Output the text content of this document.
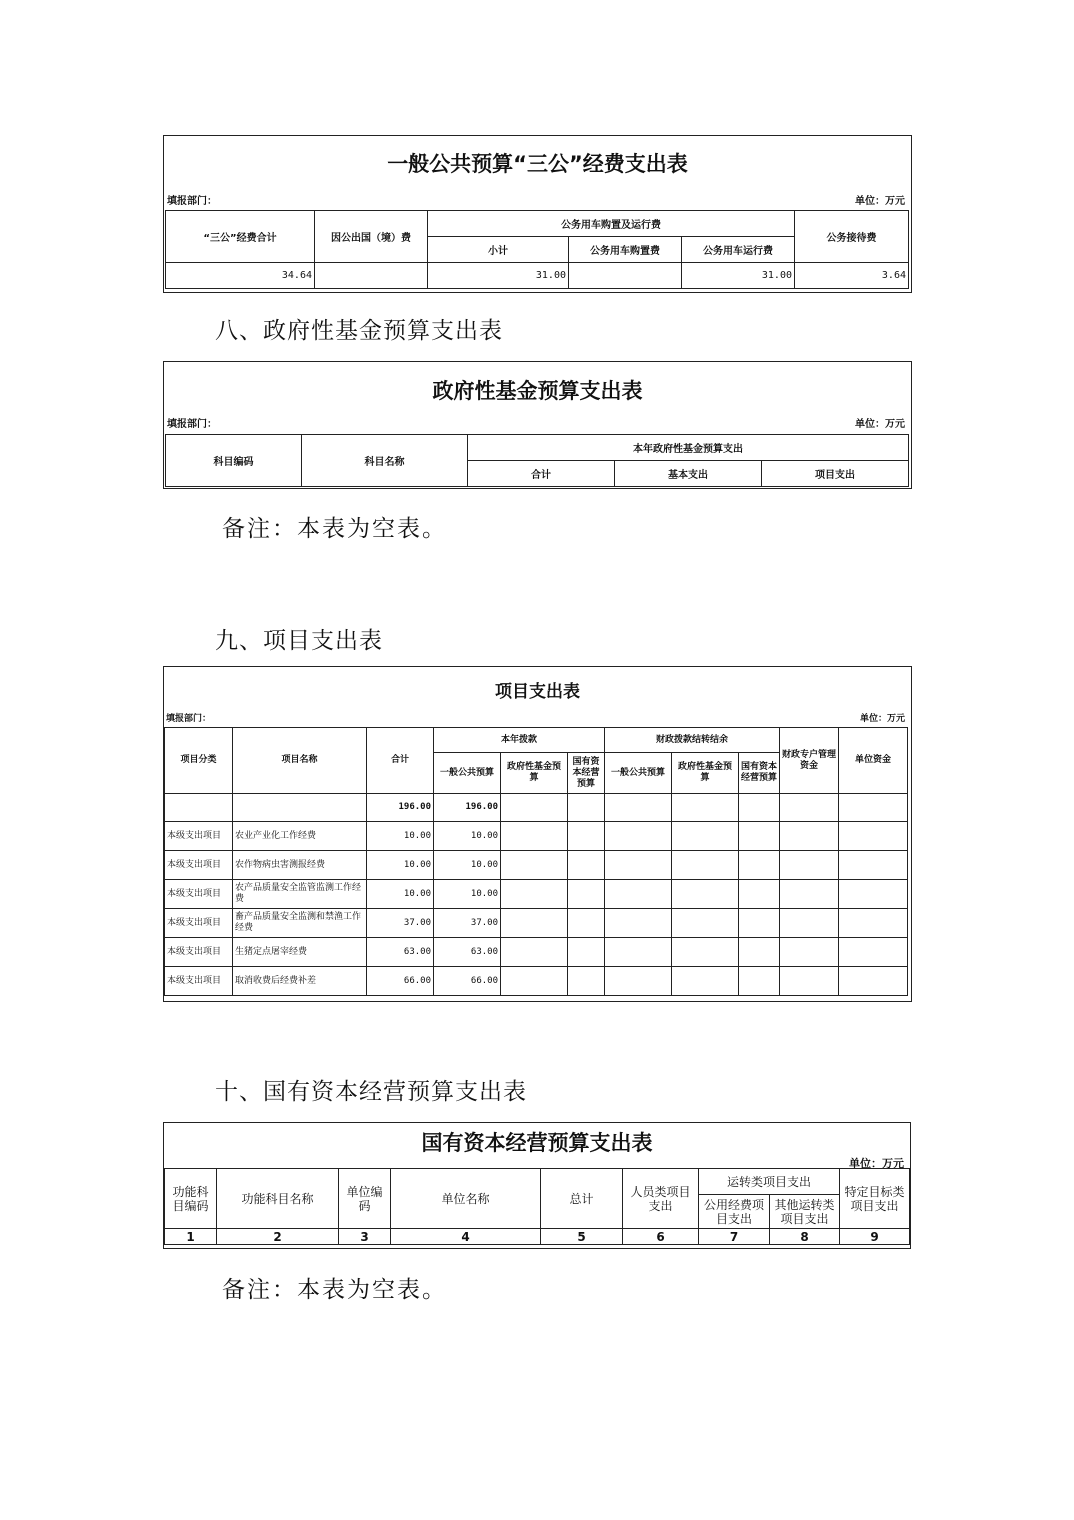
一般公共预算“三公”经费支出表
填报部门：	单位：万元
“三公”经费合计	因公出国（境）费	公务用车购置及运行费			公务接待费
		小计	公务用车购置费	公务用车运行费	
34.64		31.00		31.00	3.64
八、政府性基金预算支出表
政府性基金预算支出表
填报部门：	单位：万元
科目编码	科目名称	本年政府性基金预算支出		
		合计	基本支出	项目支出
备注：本表为空表。
九、项目支出表
项目支出表
填报部门：	单位：万元
项目分类	项目名称	合计	本年拨款			财政拨款结转结余			财政专户管理资金	单位资金
			一般公共预算	政府性基金预算	国有资本经营预算	一般公共预算	政府性基金预算	国有资本经营预算		
		196.00	196.00							
本级支出项目	农业产业化工作经费	10.00	10.00							
本级支出项目	农作物病虫害测报经费	10.00	10.00							
本级支出项目	农产品质量安全监管监测工作经费	10.00	10.00							
本级支出项目	畜产品质量安全监测和禁渔工作经费	37.00	37.00							
本级支出项目	生猪定点屠宰经费	63.00	63.00							
本级支出项目	取消收费后经费补差	66.00	66.00							
十、国有资本经营预算支出表
国有资本经营预算支出表
单位：万元
功能科目编码	功能科目名称	单位编码	单位名称	总计	人员类项目支出	运转类项目支出		特定目标类项目支出
						公用经费项目支出	其他运转类项目支出	
1	2	3	4	5	6	7	8	9
备注：本表为空表。
